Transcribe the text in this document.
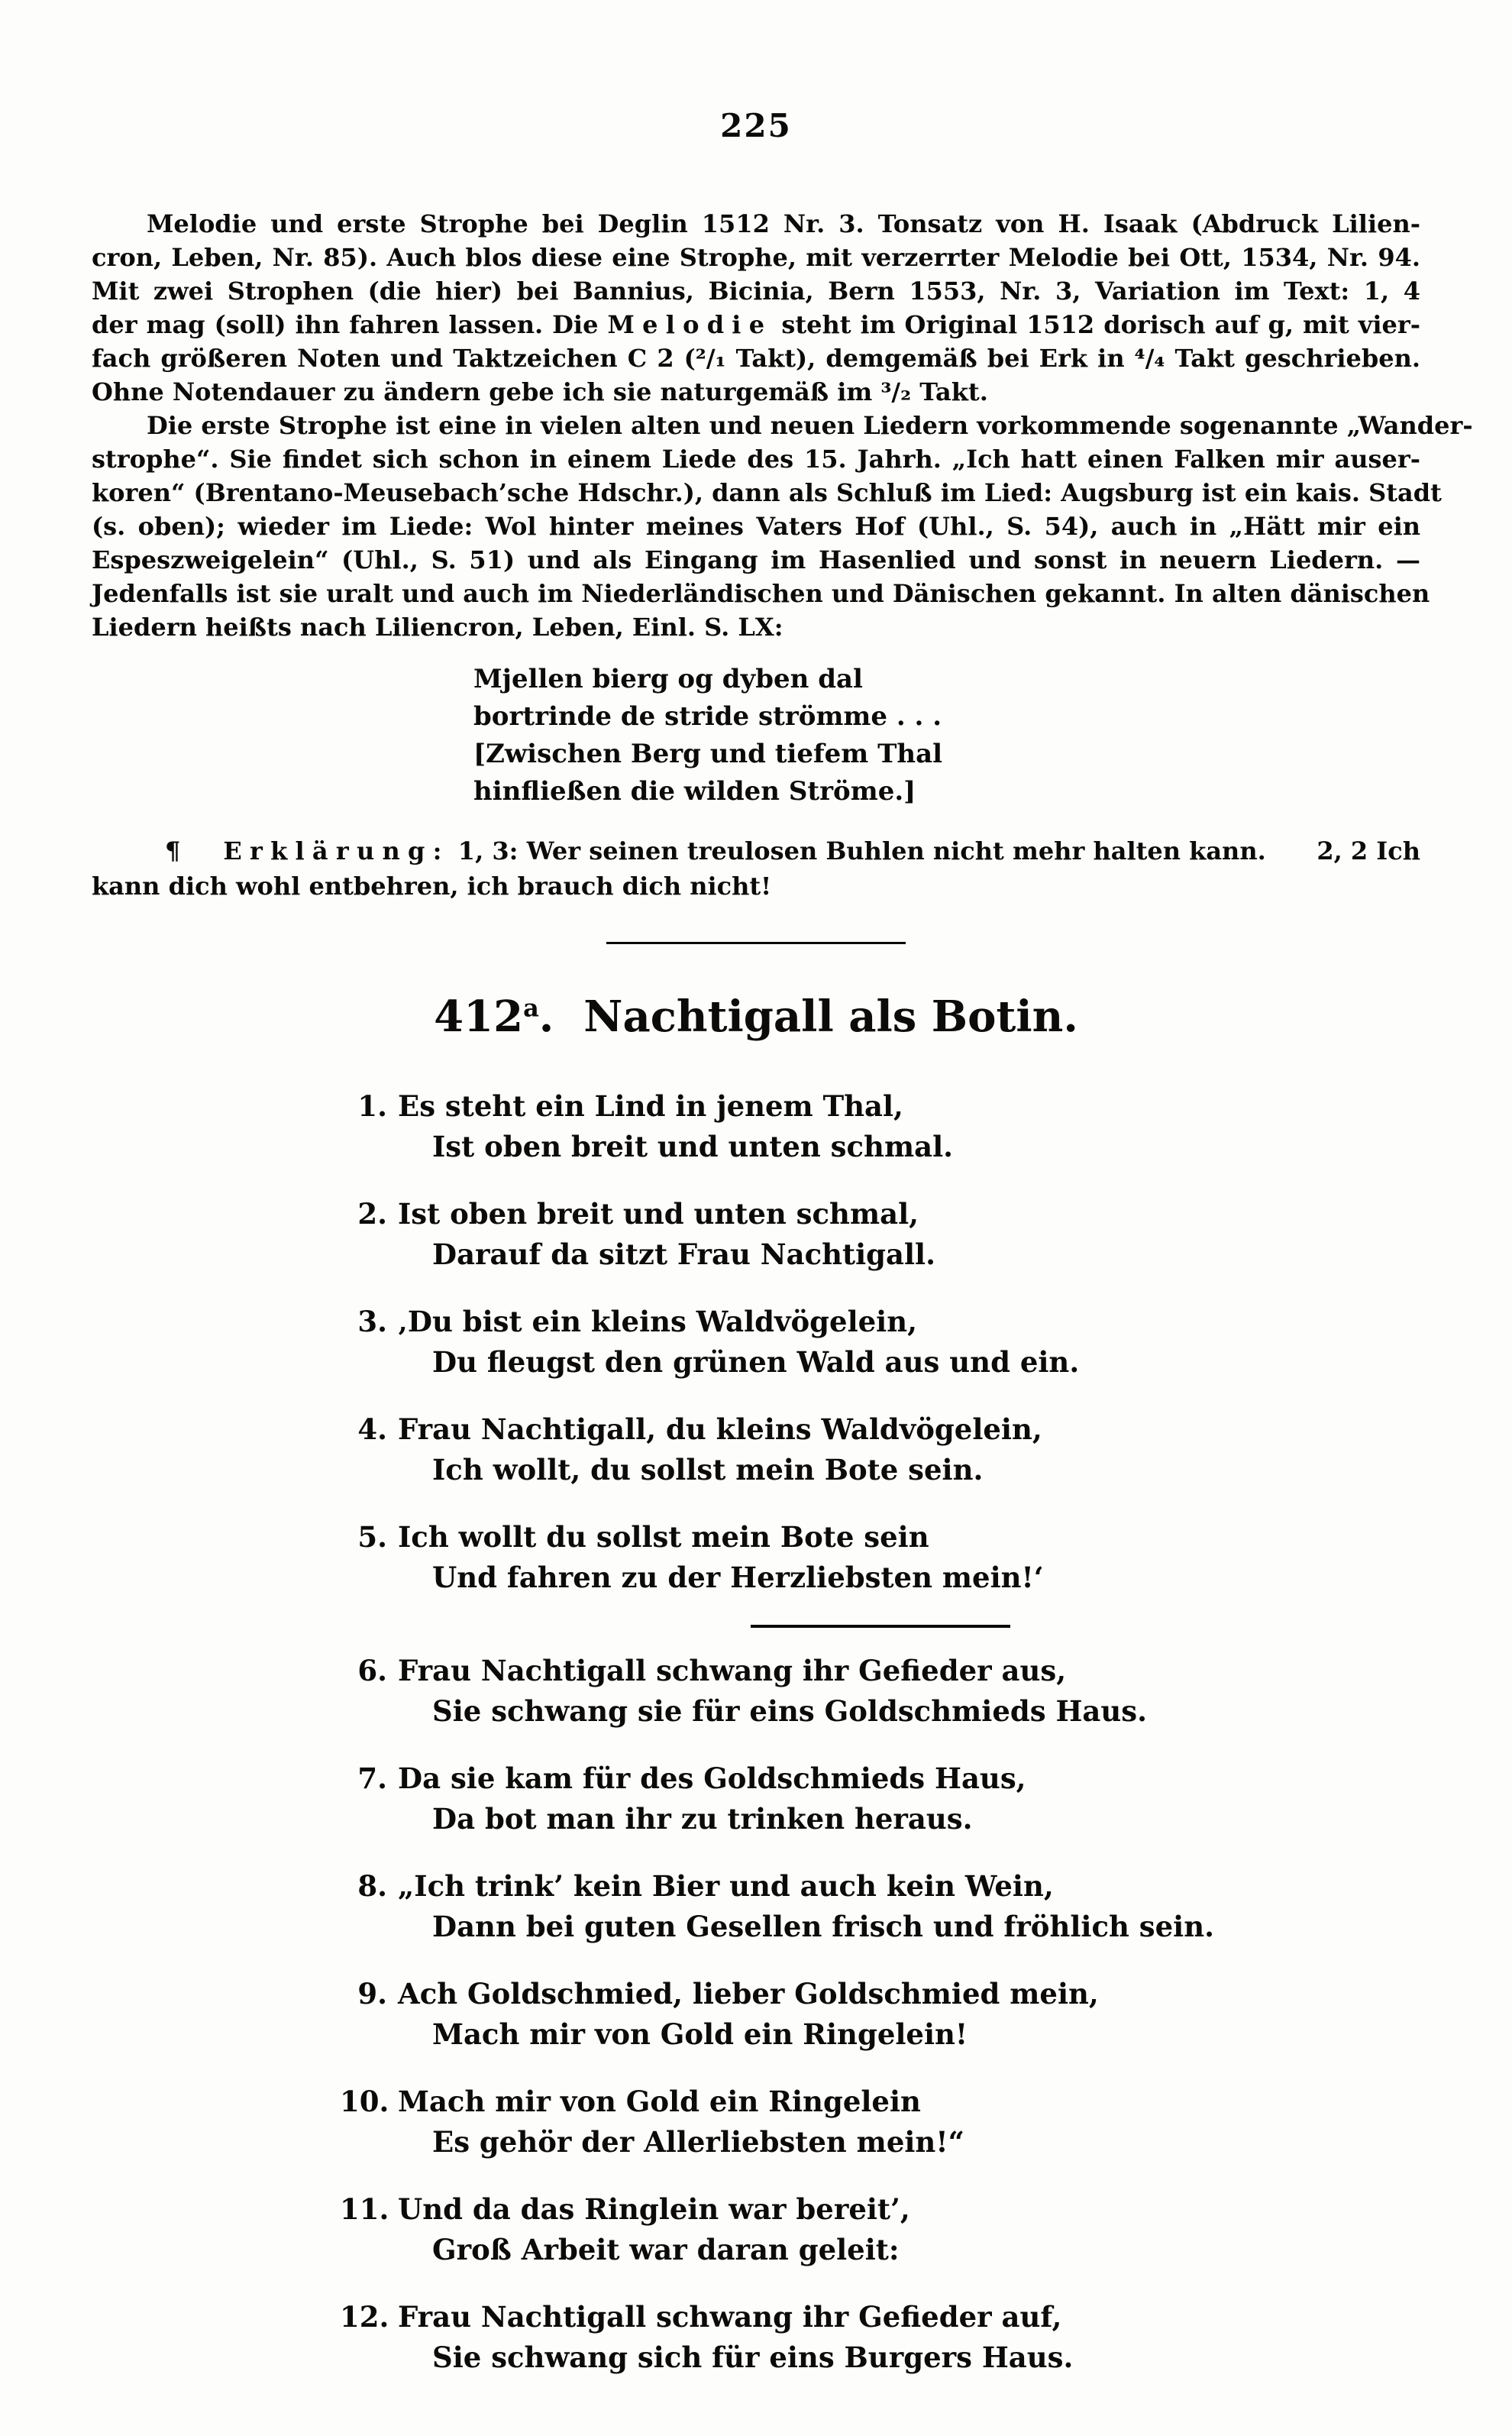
225
Melodie und erste Strophe bei Deglin 1512 Nr. 3. Tonsatz von H. Isaak (Abdruck Lilien-
cron, Leben, Nr. 85). Auch blos diese eine Strophe, mit verzerrter Melodie bei Ott, 1534, Nr. 94.
Mit zwei Strophen (die hier) bei Bannius, Bicinia, Bern 1553, Nr. 3, Variation im Text: 1, 4
der mag (soll) ihn fahren lassen. Die Melodie steht im Original 1512 dorisch auf g, mit vier-
fach größeren Noten und Taktzeichen C 2 (²/₁ Takt), demgemäß bei Erk in ⁴/₄ Takt geschrieben.
Ohne Notendauer zu ändern gebe ich sie naturgemäß im ³/₂ Takt.
Die erste Strophe ist eine in vielen alten und neuen Liedern vorkommende sogenannte „Wander-
strophe“. Sie findet sich schon in einem Liede des 15. Jahrh. „Ich hatt einen Falken mir auser-
koren“ (Brentano-Meusebach’sche Hdschr.), dann als Schluß im Lied: Augsburg ist ein kais. Stadt
(s. oben); wieder im Liede: Wol hinter meines Vaters Hof (Uhl., S. 54), auch in „Hätt mir ein
Espeszweigelein“ (Uhl., S. 51) und als Eingang im Hasenlied und sonst in neuern Liedern. —
Jedenfalls ist sie uralt und auch im Niederländischen und Dänischen gekannt. In alten dänischen
Liedern heißts nach Liliencron, Leben, Einl. S. LX:
Mjellen bierg og dyben dal
bortrinde de stride strömme . . .
[Zwischen Berg und tiefem Thal
hinfließen die wilden Ströme.]
¶ Erklärung: 1, 3: Wer seinen treulosen Buhlen nicht mehr halten kann. 2, 2 Ich
kann dich wohl entbehren, ich brauch dich nicht!
412$^a$. Nachtigall als Botin.
1. Es steht ein Lind in jenem Thal,
Ist oben breit und unten schmal.
2. Ist oben breit und unten schmal,
Darauf da sitzt Frau Nachtigall.
3. ‚Du bist ein kleins Waldvögelein,
Du fleugst den grünen Wald aus und ein.
4. Frau Nachtigall, du kleins Waldvögelein,
Ich wollt, du sollst mein Bote sein.
5. Ich wollt du sollst mein Bote sein
Und fahren zu der Herzliebsten mein!‘
6. Frau Nachtigall schwang ihr Gefieder aus,
Sie schwang sie für eins Goldschmieds Haus.
7. Da sie kam für des Goldschmieds Haus,
Da bot man ihr zu trinken heraus.
8. „Ich trink’ kein Bier und auch kein Wein,
Dann bei guten Gesellen frisch und fröhlich sein.
9. Ach Goldschmied, lieber Goldschmied mein,
Mach mir von Gold ein Ringelein!
10. Mach mir von Gold ein Ringelein
Es gehör der Allerliebsten mein!“
11. Und da das Ringlein war bereit’,
Groß Arbeit war daran geleit:
12. Frau Nachtigall schwang ihr Gefieder auf,
Sie schwang sich für eins Burgers Haus.
